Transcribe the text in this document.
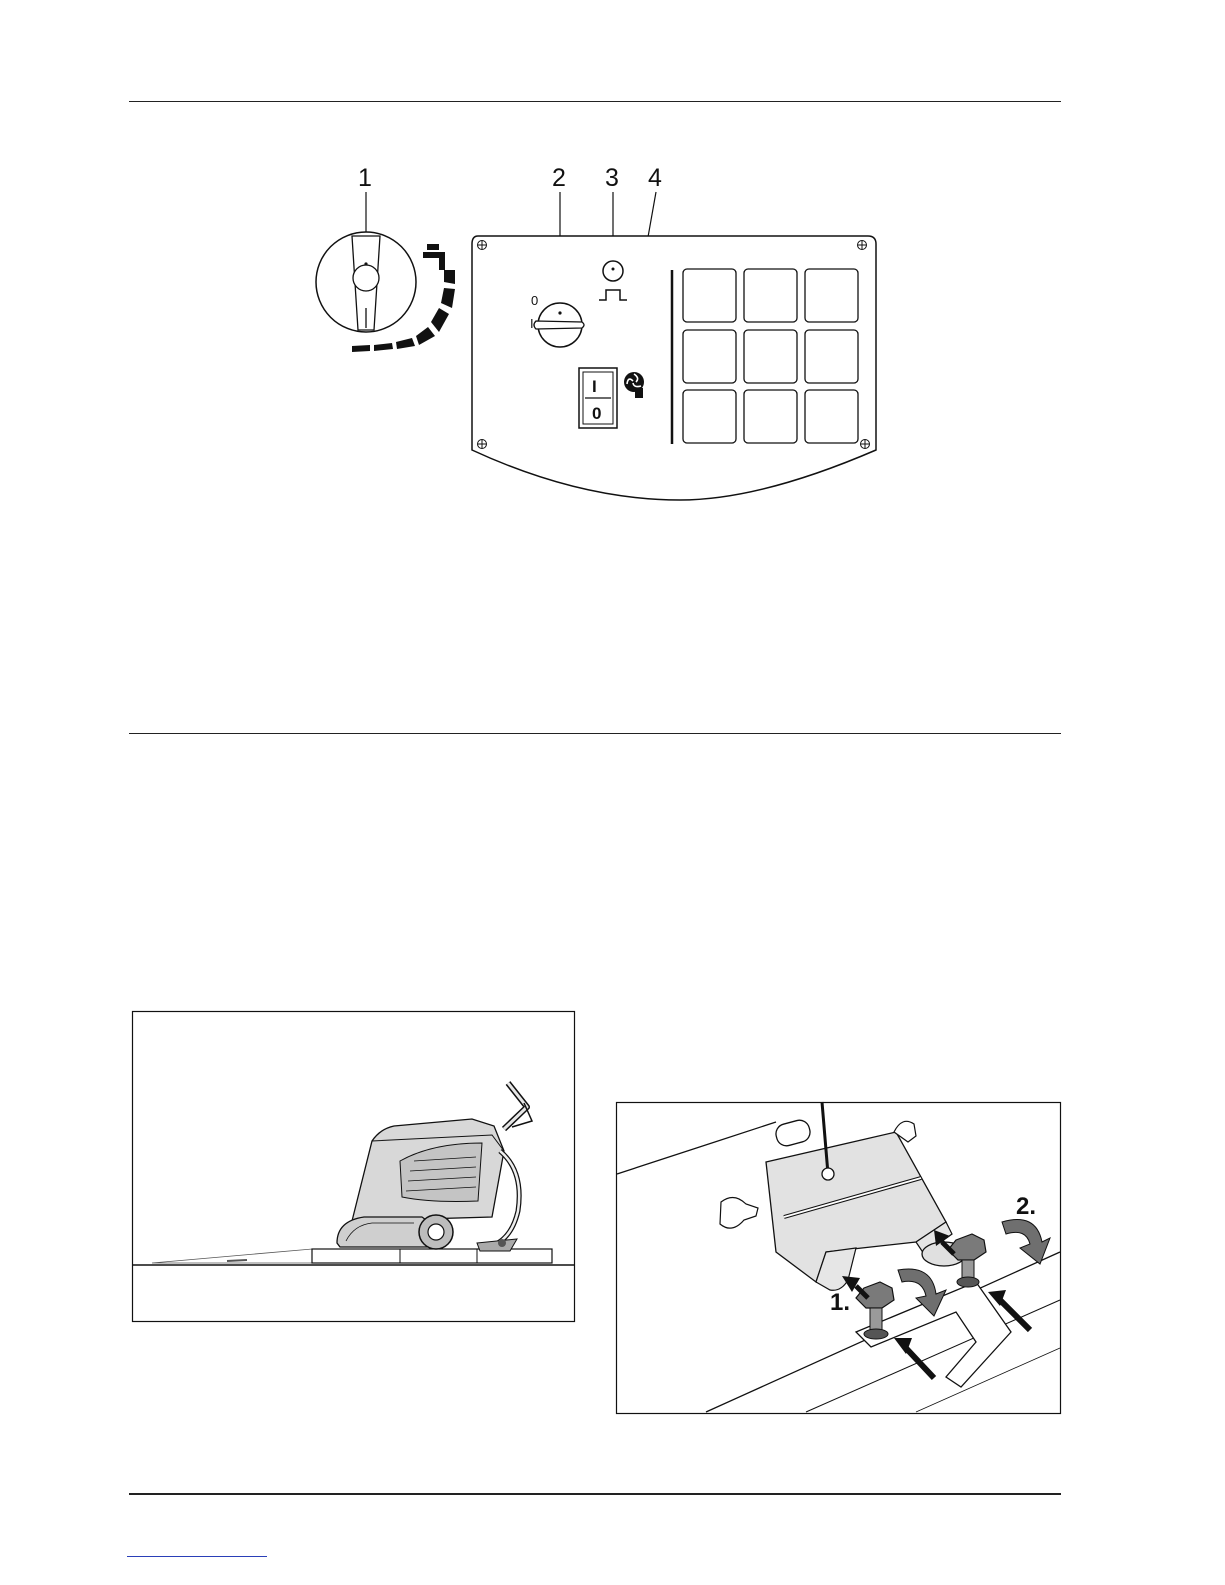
1	2 3 4
0
I
I
0
1.
2.
